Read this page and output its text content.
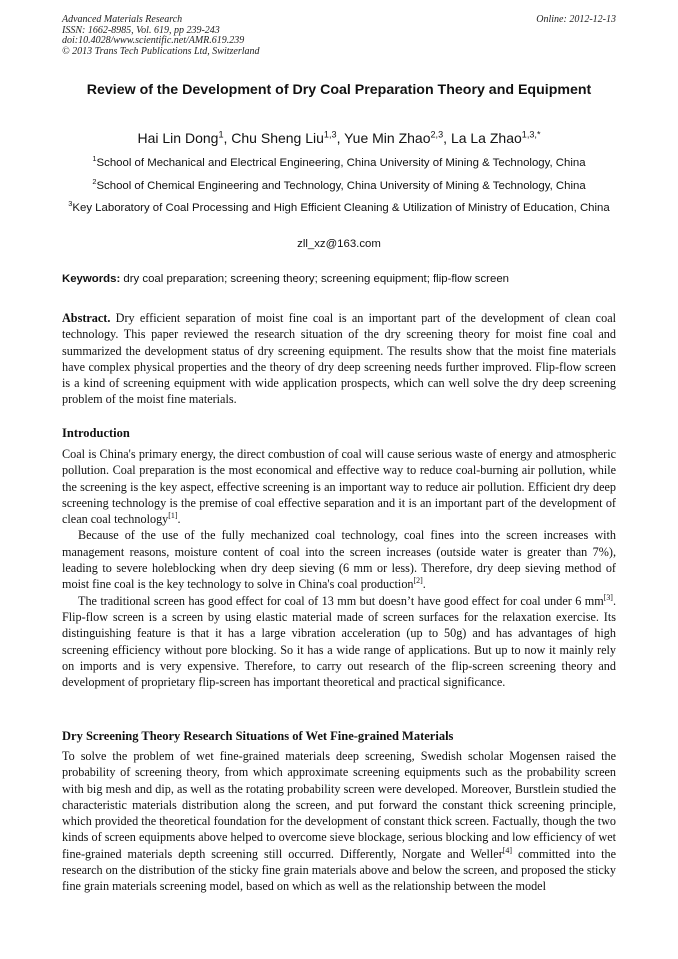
Advanced Materials Research	Online: 2012-12-13
ISSN: 1662-8985, Vol. 619, pp 239-243
doi:10.4028/www.scientific.net/AMR.619.239
© 2013 Trans Tech Publications Ltd, Switzerland
Review of the Development of Dry Coal Preparation Theory and Equipment
Hai Lin Dong$^1$, Chu Sheng Liu$^{1,3}$, Yue Min Zhao$^{2,3}$, La La Zhao$^{1,3,*}$
$^1$School of Mechanical and Electrical Engineering, China University of Mining & Technology, China
$^2$School of Chemical Engineering and Technology, China University of Mining & Technology, China
$^3$Key Laboratory of Coal Processing and High Efficient Cleaning & Utilization of Ministry of Education, China
zll_xz@163.com
Keywords: dry coal preparation; screening theory; screening equipment; flip-flow screen
Abstract. Dry efficient separation of moist fine coal is an important part of the development of clean coal technology. This paper reviewed the research situation of the dry screening theory for moist fine coal and summarized the development status of dry screening equipment. The results show that the moist fine materials have complex physical properties and the theory of dry deep screening needs further improved. Flip-flow screen is a kind of screening equipment with wide application prospects, which can well solve the dry deep screening problem of the moist fine materials.
Introduction

Coal is China's primary energy, the direct combustion of coal will cause serious waste of energy and atmospheric pollution. Coal preparation is the most economical and effective way to reduce coal-burning air pollution, while the screening is the key aspect, effective screening is an important way to reduce air pollution. Efficient dry deep screening technology is the premise of coal effective separation and it is an important part of the development of clean coal technology[1].

Because of the use of the fully mechanized coal technology, coal fines into the screen increases with management reasons, moisture content of coal into the screen increases (outside water is greater than 7%), leading to severe holeblocking when dry deep sieving (6 mm or less). Therefore, dry deep sieving method of moist fine coal is the key technology to solve in China's coal production[2].

The traditional screen has good effect for coal of 13 mm but doesn’t have good effect for coal under 6 mm[3]. Flip-flow screen is a screen by using elastic material made of screen surfaces for the relaxation exercise. Its distinguishing feature is that it has a large vibration acceleration (up to 50g) and has advantages of high screening efficiency without pore blocking. So it has a wide range of applications. But up to now it mainly rely on imports and is very expensive. Therefore, to carry out research of the flip-screen screening theory and development of proprietary flip-screen has important theoretical and practical significance.

Dry Screening Theory Research Situations of Wet Fine-grained Materials

To solve the problem of wet fine-grained materials deep screening, Swedish scholar Mogensen raised the probability of screening theory, from which approximate screening equipments such as the probability screen with big mesh and dip, as well as the rotating probability screen were developed. Moreover, Burstlein studied the characteristic materials distribution along the screen, and put forward the constant thick screening principle, which provided the theoretical foundation for the development of constant thick screen. Factually, though the two kinds of screen equipments above helped to overcome sieve blockage, serious blocking and low efficiency of wet fine-grained materials depth screening still occurred. Differently, Norgate and Weller[4] committed into the research on the distribution of the sticky fine grain materials above and below the screen, and proposed the sticky fine grain materials screening model, based on which as well as the relationship between the model
